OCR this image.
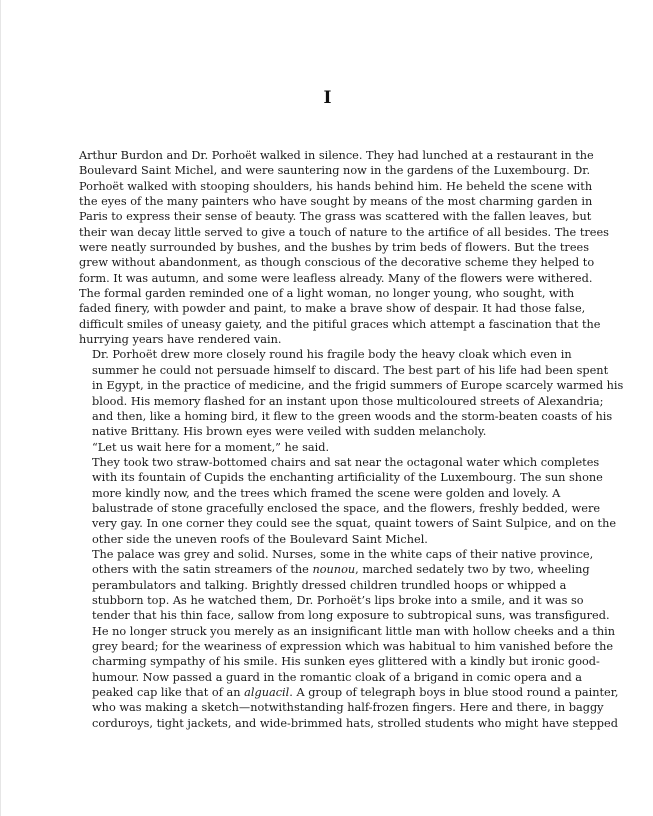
I

Arthur Burdon and Dr. Porhoët walked in silence. They had lunched at a restaurant in the
Boulevard Saint Michel, and were sauntering now in the gardens of the Luxembourg. Dr.
Porhoët walked with stooping shoulders, his hands behind him. He beheld the scene with
the eyes of the many painters who have sought by means of the most charming garden in
Paris to express their sense of beauty. The grass was scattered with the fallen leaves, but
their wan decay little served to give a touch of nature to the artifice of all besides. The trees
were neatly surrounded by bushes, and the bushes by trim beds of flowers. But the trees
grew without abandonment, as though conscious of the decorative scheme they helped to
form. It was autumn, and some were leafless already. Many of the flowers were withered.
The formal garden reminded one of a light woman, no longer young, who sought, with
faded finery, with powder and paint, to make a brave show of despair. It had those false,
difficult smiles of uneasy gaiety, and the pitiful graces which attempt a fascination that the
hurrying years have rendered vain.

Dr. Porhoët drew more closely round his fragile body the heavy cloak which even in
summer he could not persuade himself to discard. The best part of his life had been spent
in Egypt, in the practice of medicine, and the frigid summers of Europe scarcely warmed his
blood. His memory flashed for an instant upon those multicoloured streets of Alexandria;
and then, like a homing bird, it flew to the green woods and the storm-beaten coasts of his
native Brittany. His brown eyes were veiled with sudden melancholy.

“Let us wait here for a moment,” he said.

They took two straw-bottomed chairs and sat near the octagonal water which completes
with its fountain of Cupids the enchanting artificiality of the Luxembourg. The sun shone
more kindly now, and the trees which framed the scene were golden and lovely. A
balustrade of stone gracefully enclosed the space, and the flowers, freshly bedded, were
very gay. In one corner they could see the squat, quaint towers of Saint Sulpice, and on the
other side the uneven roofs of the Boulevard Saint Michel.

The palace was grey and solid. Nurses, some in the white caps of their native province,
others with the satin streamers of the nounou, marched sedately two by two, wheeling
perambulators and talking. Brightly dressed children trundled hoops or whipped a
stubborn top. As he watched them, Dr. Porhoët’s lips broke into a smile, and it was so
tender that his thin face, sallow from long exposure to subtropical suns, was transfigured.
He no longer struck you merely as an insignificant little man with hollow cheeks and a thin
grey beard; for the weariness of expression which was habitual to him vanished before the
charming sympathy of his smile. His sunken eyes glittered with a kindly but ironic good-
humour. Now passed a guard in the romantic cloak of a brigand in comic opera and a
peaked cap like that of an alguacil. A group of telegraph boys in blue stood round a painter,
who was making a sketch—notwithstanding half-frozen fingers. Here and there, in baggy
corduroys, tight jackets, and wide-brimmed hats, strolled students who might have stepped
